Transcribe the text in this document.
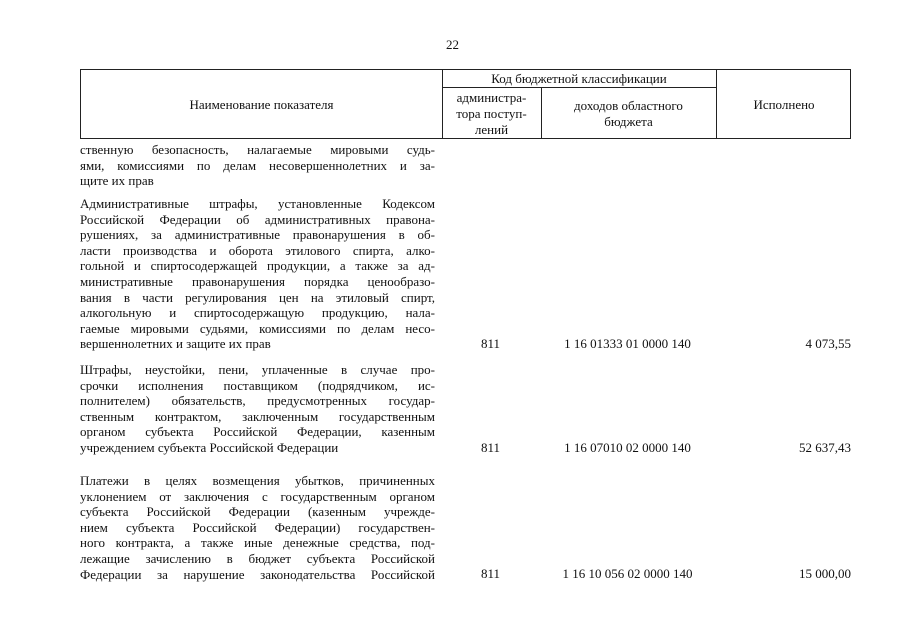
22
Наименование показателя
Код бюджетной классификации
администра-
тора поступ-
лений
доходов областного
бюджета
Исполнено
ственную безопасность, налагаемые мировыми судь-
ями, комиссиями по делам несовершеннолетних и за-
щите их прав
Административные штрафы, установленные Кодексом
Российской Федерации об административных правона-
рушениях, за административные правонарушения в об-
ласти производства и оборота этилового спирта, алко-
гольной и спиртосодержащей продукции, а также за ад-
министративные правонарушения порядка ценообразо-
вания в части регулирования цен на этиловый спирт,
алкогольную и спиртосодержащую продукцию, нала-
гаемые мировыми судьями, комиссиями по делам несо-
вершеннолетних и защите их прав	811	1 16 01333 01 0000 140	4 073,55
Штрафы, неустойки, пени, уплаченные в случае про-
срочки исполнения поставщиком (подрядчиком, ис-
полнителем) обязательств, предусмотренных государ-
ственным контрактом, заключенным государственным
органом субъекта Российской Федерации, казенным
учреждением субъекта Российской Федерации	811	1 16 07010 02 0000 140	52 637,43
Платежи в целях возмещения убытков, причиненных
уклонением от заключения с государственным органом
субъекта Российской Федерации (казенным учрежде-
нием субъекта Российской Федерации) государствен-
ного контракта, а также иные денежные средства, под-
лежащие зачислению в бюджет субъекта Российской
Федерации за нарушение законодательства Российской	811	1 16 10 056 02 0000 140	15 000,00
